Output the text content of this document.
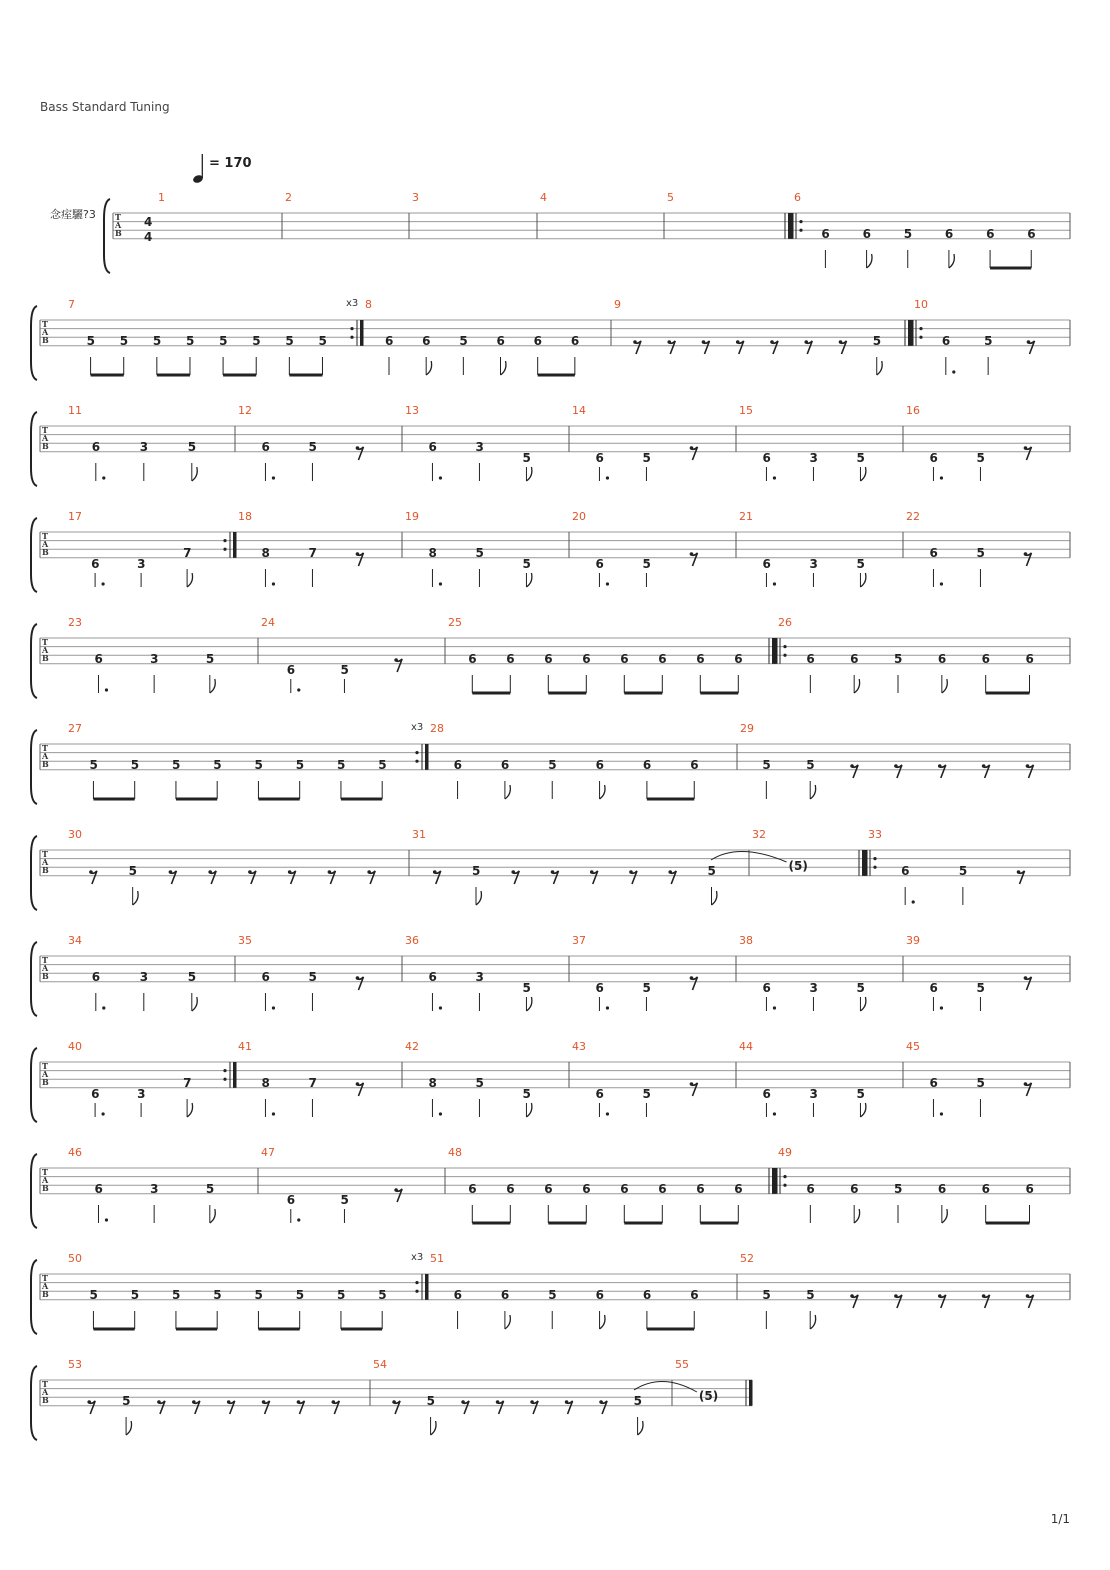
Bass Standard Tuning
= 170
念痓驪?3 T
A
B
4
4
1	2	3	4	5	6
6	6	5	6	6	6
T
A
B
7	x3
5 5 5 5 5 5 5 5
8
6 6 5 6 6 6
9
5
10
6	5
T
A
B
11
6	3	5
12
6	5
13
6	3
5
14
6	5
15
6	3	5
16
6	5
T
A
B
17
6	3
7
18
8	7
19
8	5
5
20
6	5
21
6	3	5
22
6	5
T
A
B
23
6	3	5
24
6	5
25
6 6 6 6 6 6 6 6
26
6	6	5	6	6	6
T
A
B
27	x3
5	5	5	5	5	5	5	5
28
6	6	5	6	6	6
29
5	5
T
A
B
30
5
31
5	5
32
(5)
33
6	5
T
A
B
34
6	3	5
35
6	5
36
6	3
5
37
6	5
38
6	3	5
39
6	5
T
A
B
40
6	3
7
41
8	7
42
8	5
5
43
6	5
44
6	3	5
45
6	5
T
A
B
46
6	3	5
47
6	5
48
6 6 6 6 6 6 6 6
49
6	6	5	6	6	6
T
A
B
50	x3
5	5	5	5	5	5	5	5
51
6	6	5	6	6	6
52
5	5
T
A
B
53
5
54
5	5
55
(5)
1/1
